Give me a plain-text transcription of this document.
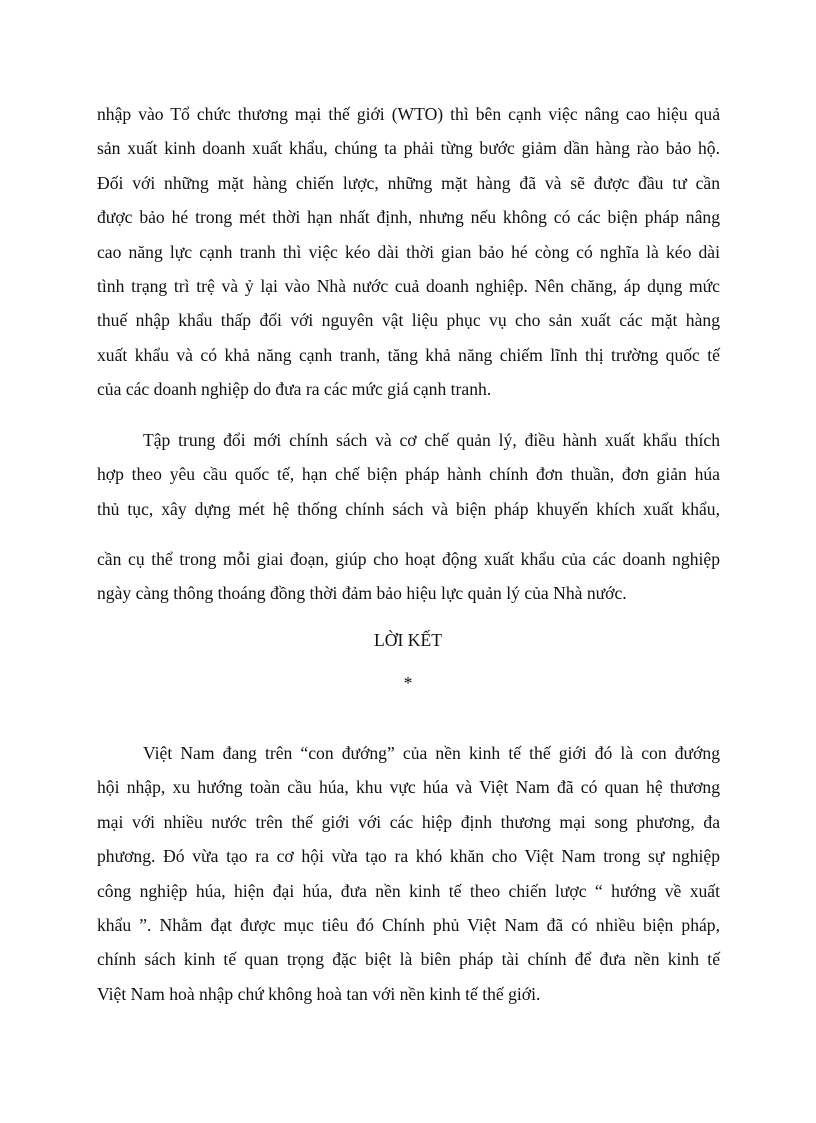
nhập vào Tổ chức thương mại thế giới (WTO) thì bên cạnh việc nâng cao hiệu quả
sản xuất kinh doanh xuất khẩu, chúng ta phải từng bước giảm dần hàng rào bảo hộ.
Đối với những mặt hàng chiến lược, những mặt hàng đã và sẽ được đầu tư cần
được bảo hé trong mét thời hạn nhất định, nhưng nếu không có các biện pháp nâng
cao năng lực cạnh tranh thì việc kéo dài thời gian bảo hé còng có nghĩa là kéo dài
tình trạng trì trệ và ỷ lại vào Nhà nước cuả doanh nghiệp. Nên chăng, áp dụng mức
thuế nhập khẩu thấp đối với nguyên vật liệu phục vụ cho sản xuất các mặt hàng
xuất khẩu và có khả năng cạnh tranh, tăng khả năng chiếm lĩnh thị trường quốc tế
của các doanh nghiệp do đưa ra các mức giá cạnh tranh.
Tập trung đổi mới chính sách và cơ chế quản lý, điều hành xuất khẩu thích
hợp theo yêu cầu quốc tế, hạn chế biện pháp hành chính đơn thuần, đơn giản húa
thủ tục, xây dựng mét hệ thống chính sách và biện pháp khuyến khích xuất khẩu,
cần cụ thể trong mỗi giai đoạn, giúp cho hoạt động xuất khẩu của các doanh nghiệp
ngày càng thông thoáng đồng thời đảm bảo hiệu lực quản lý của Nhà nước.
LỜI KẾT
*
Việt Nam đang trên “con đướng” của nền kinh tế thế giới đó là con đướng
hội nhập, xu hướng toàn cầu húa, khu vực húa và Việt Nam đã có quan hệ thương
mại với nhiều nước trên thế giới với các hiệp định thương mại song phương, đa
phương. Đó vừa tạo ra cơ hội vừa tạo ra khó khăn cho Việt Nam trong sự nghiệp
công nghiệp húa, hiện đại húa, đưa nền kinh tế theo chiến lược “ hướng về xuất
khẩu ”. Nhằm đạt được mục tiêu đó Chính phủ Việt Nam đã có nhiều biện pháp,
chính sách kinh tế quan trọng đặc biệt là biên pháp tài chính để đưa nền kinh tế
Việt Nam hoà nhập chứ không hoà tan với nền kinh tế thế giới.
